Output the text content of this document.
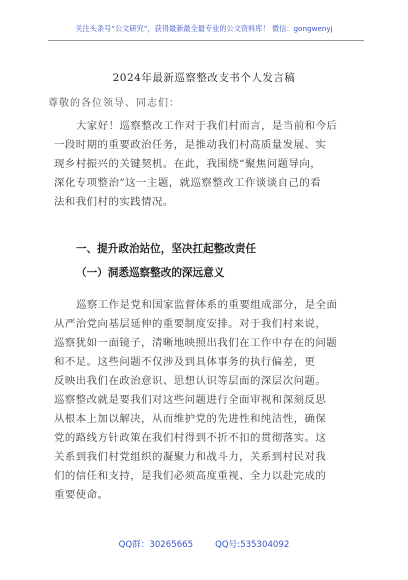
关注头条号“公文研究”，获得最新最全最专业的公文资料库！ 微信：gongwenyj
2024年最新巡察整改支书个人发言稿
尊敬的各位领导、同志们：
大家好！巡察整改工作对于我们村而言，是当前和今后
一段时期的重要政治任务，是推动我们村高质量发展、实
现乡村振兴的关键契机。在此，我围绕“聚焦问题导向，
深化专项整治”这一主题，就巡察整改工作谈谈自己的看
法和我们村的实践情况。
一、提升政治站位，坚决扛起整改责任
（一）洞悉巡察整改的深远意义
巡察工作是党和国家监督体系的重要组成部分，是全面
从严治党向基层延伸的重要制度安排。对于我们村来说，
巡察犹如一面镜子，清晰地映照出我们在工作中存在的问题
和不足。这些问题不仅涉及到具体事务的执行偏差，更
反映出我们在政治意识、思想认识等层面的深层次问题。
巡察整改就是要我们对这些问题进行全面审视和深刻反思
从根本上加以解决，从而维护党的先进性和纯洁性，确保
党的路线方针政策在我们村得到不折不扣的贯彻落实。这
关系到我们村党组织的凝聚力和战斗力，关系到村民对我
们的信任和支持，是我们必须高度重视、全力以赴完成的
重要使命。
QQ群：30265665	QQ号:535304092
